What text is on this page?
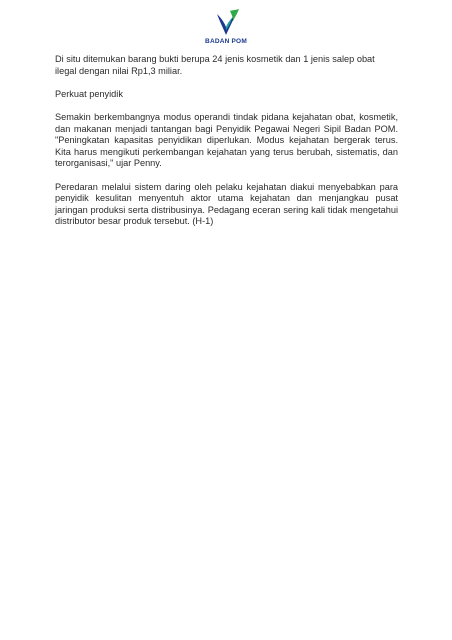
BADAN POM

Di situ ditemukan barang bukti berupa 24 jenis kosmetik dan 1 jenis salep obat ilegal dengan nilai Rp1,3 miliar.

Perkuat penyidik

Semakin berkembangnya modus operandi tindak pidana kejahatan obat, kosmetik, dan makanan menjadi tantangan bagi Penyidik Pegawai Negeri Sipil Badan POM. "Peningkatan kapasitas penyidikan diperlukan. Modus kejahatan bergerak terus. Kita harus mengikuti perkembangan kejahatan yang terus berubah, sistematis, dan terorganisasi," ujar Penny.

Peredaran melalui sistem daring oleh pelaku kejahatan diakui menyebabkan para penyidik kesulitan menyentuh aktor utama kejahatan dan menjangkau pusat jaringan produksi serta distribusinya. Pedagang eceran sering kali tidak mengetahui distributor besar produk tersebut. (H-1)
